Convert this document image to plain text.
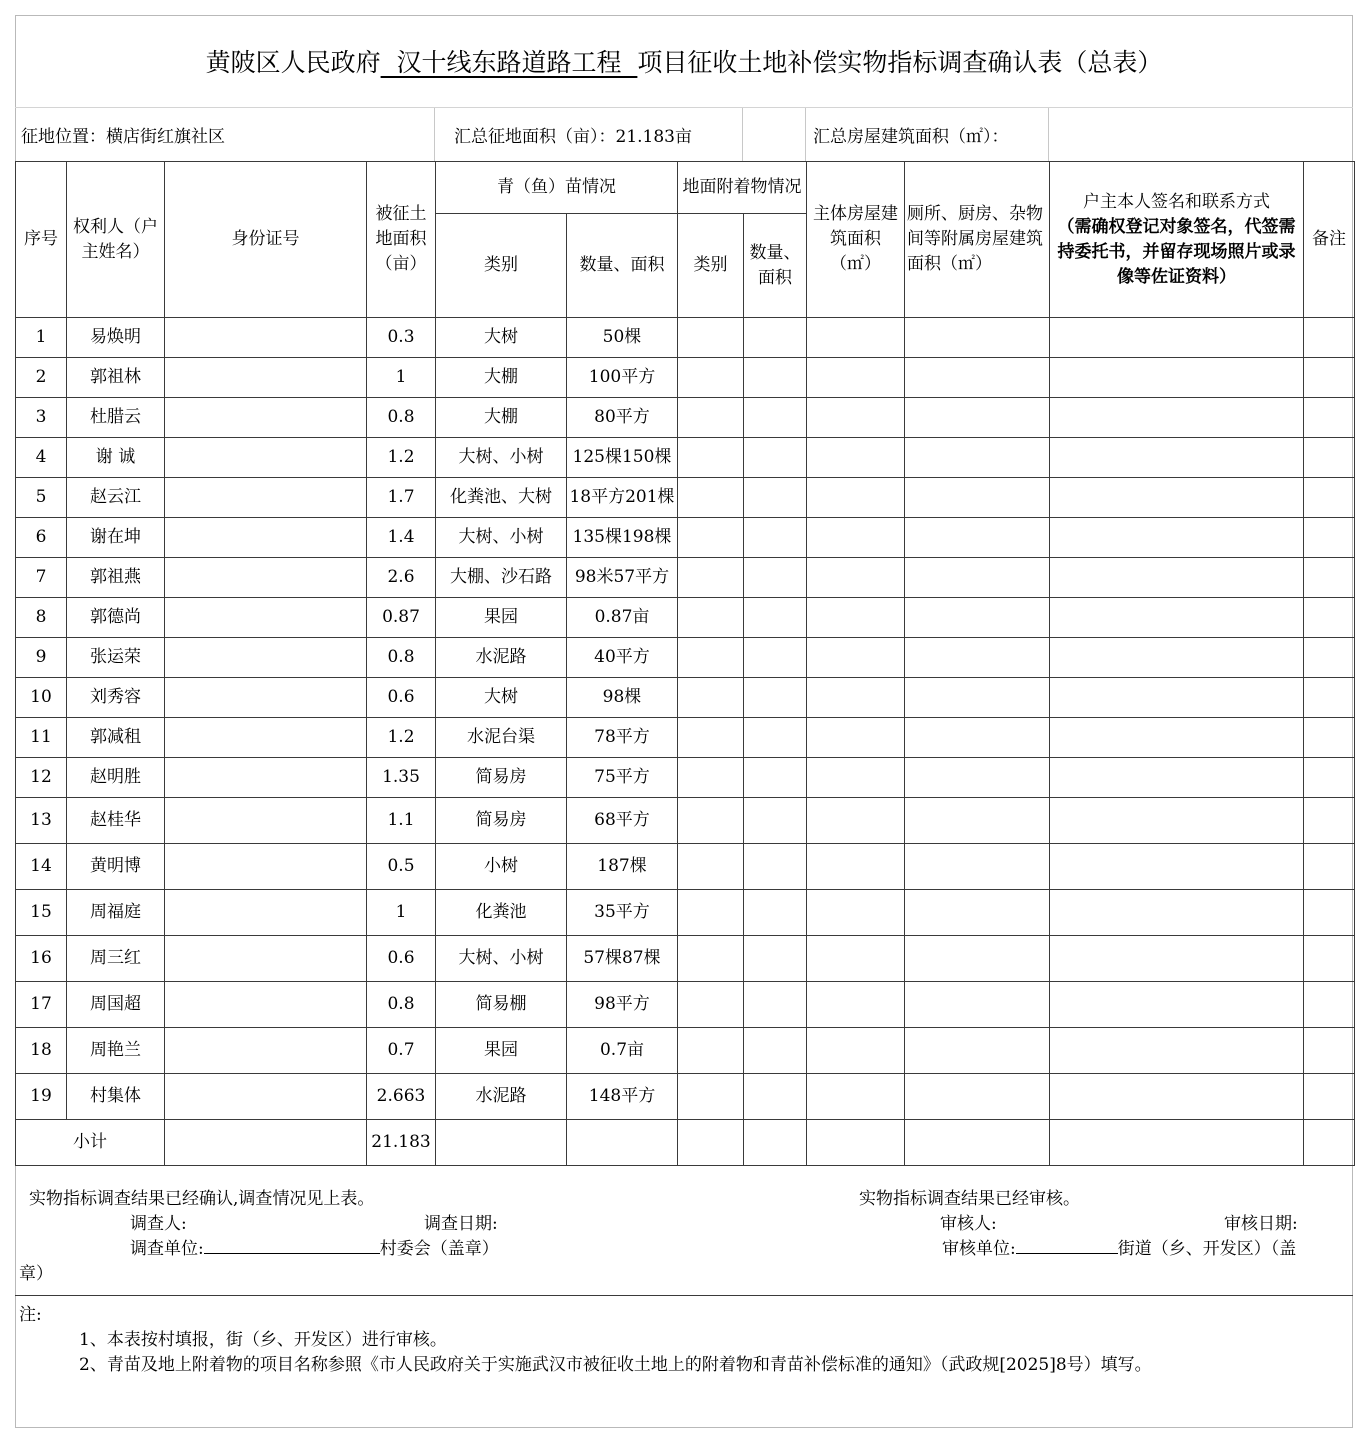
黄陂区人民政府 汉十线东路道路工程 项目征收土地补偿实物指标调查确认表（总表）
征地位置：横店街红旗社区	汇总征地面积（亩）：21.183亩	汇总房屋建筑面积（㎡）：
序号	权利人（户主姓名）	身份证号	被征土地面积（亩）	青（鱼）苗情况		地面附着物情况		主体房屋建筑面积（㎡）	厕所、厨房、杂物间等附属房屋建筑面积（㎡）	户主本人签名和联系方式
（需确权登记对象签名，代签需持委托书，并留存现场照片或录像等佐证资料）	备注
				类别	数量、面积	类别	数量、面积				
1	易焕明		0.3	大树	50棵						
2	郭祖林		1	大棚	100平方						
3	杜腊云		0.8	大棚	80平方						
4	谢 诚		1.2	大树、小树	125棵150棵						
5	赵云江		1.7	化粪池、大树	18平方201棵						
6	谢在坤		1.4	大树、小树	135棵198棵						
7	郭祖燕		2.6	大棚、沙石路	98米57平方						
8	郭德尚		0.87	果园	0.87亩						
9	张运荣		0.8	水泥路	40平方						
10	刘秀容		0.6	大树	98棵						
11	郭减租		1.2	水泥台渠	78平方						
12	赵明胜		1.35	简易房	75平方						
13	赵桂华		1.1	简易房	68平方						
14	黄明博		0.5	小树	187棵						
15	周福庭		1	化粪池	35平方						
16	周三红		0.6	大树、小树	57棵87棵						
17	周国超		0.8	简易棚	98平方						
18	周艳兰		0.7	果园	0.7亩						
19	村集体		2.663	水泥路	148平方						
小计			21.183								
实物指标调查结果已经确认,调查情况见上表。
调查人:	调查日期:
调查单位:	村委会（盖章）
实物指标调查结果已经审核。
审核人:	审核日期:
审核单位:	街道（乡、开发区）（盖
章）
注:
1、本表按村填报，街（乡、开发区）进行审核。
2、青苗及地上附着物的项目名称参照《市人民政府关于实施武汉市被征收土地上的附着物和青苗补偿标准的通知》（武政规[2025]8号）填写。
